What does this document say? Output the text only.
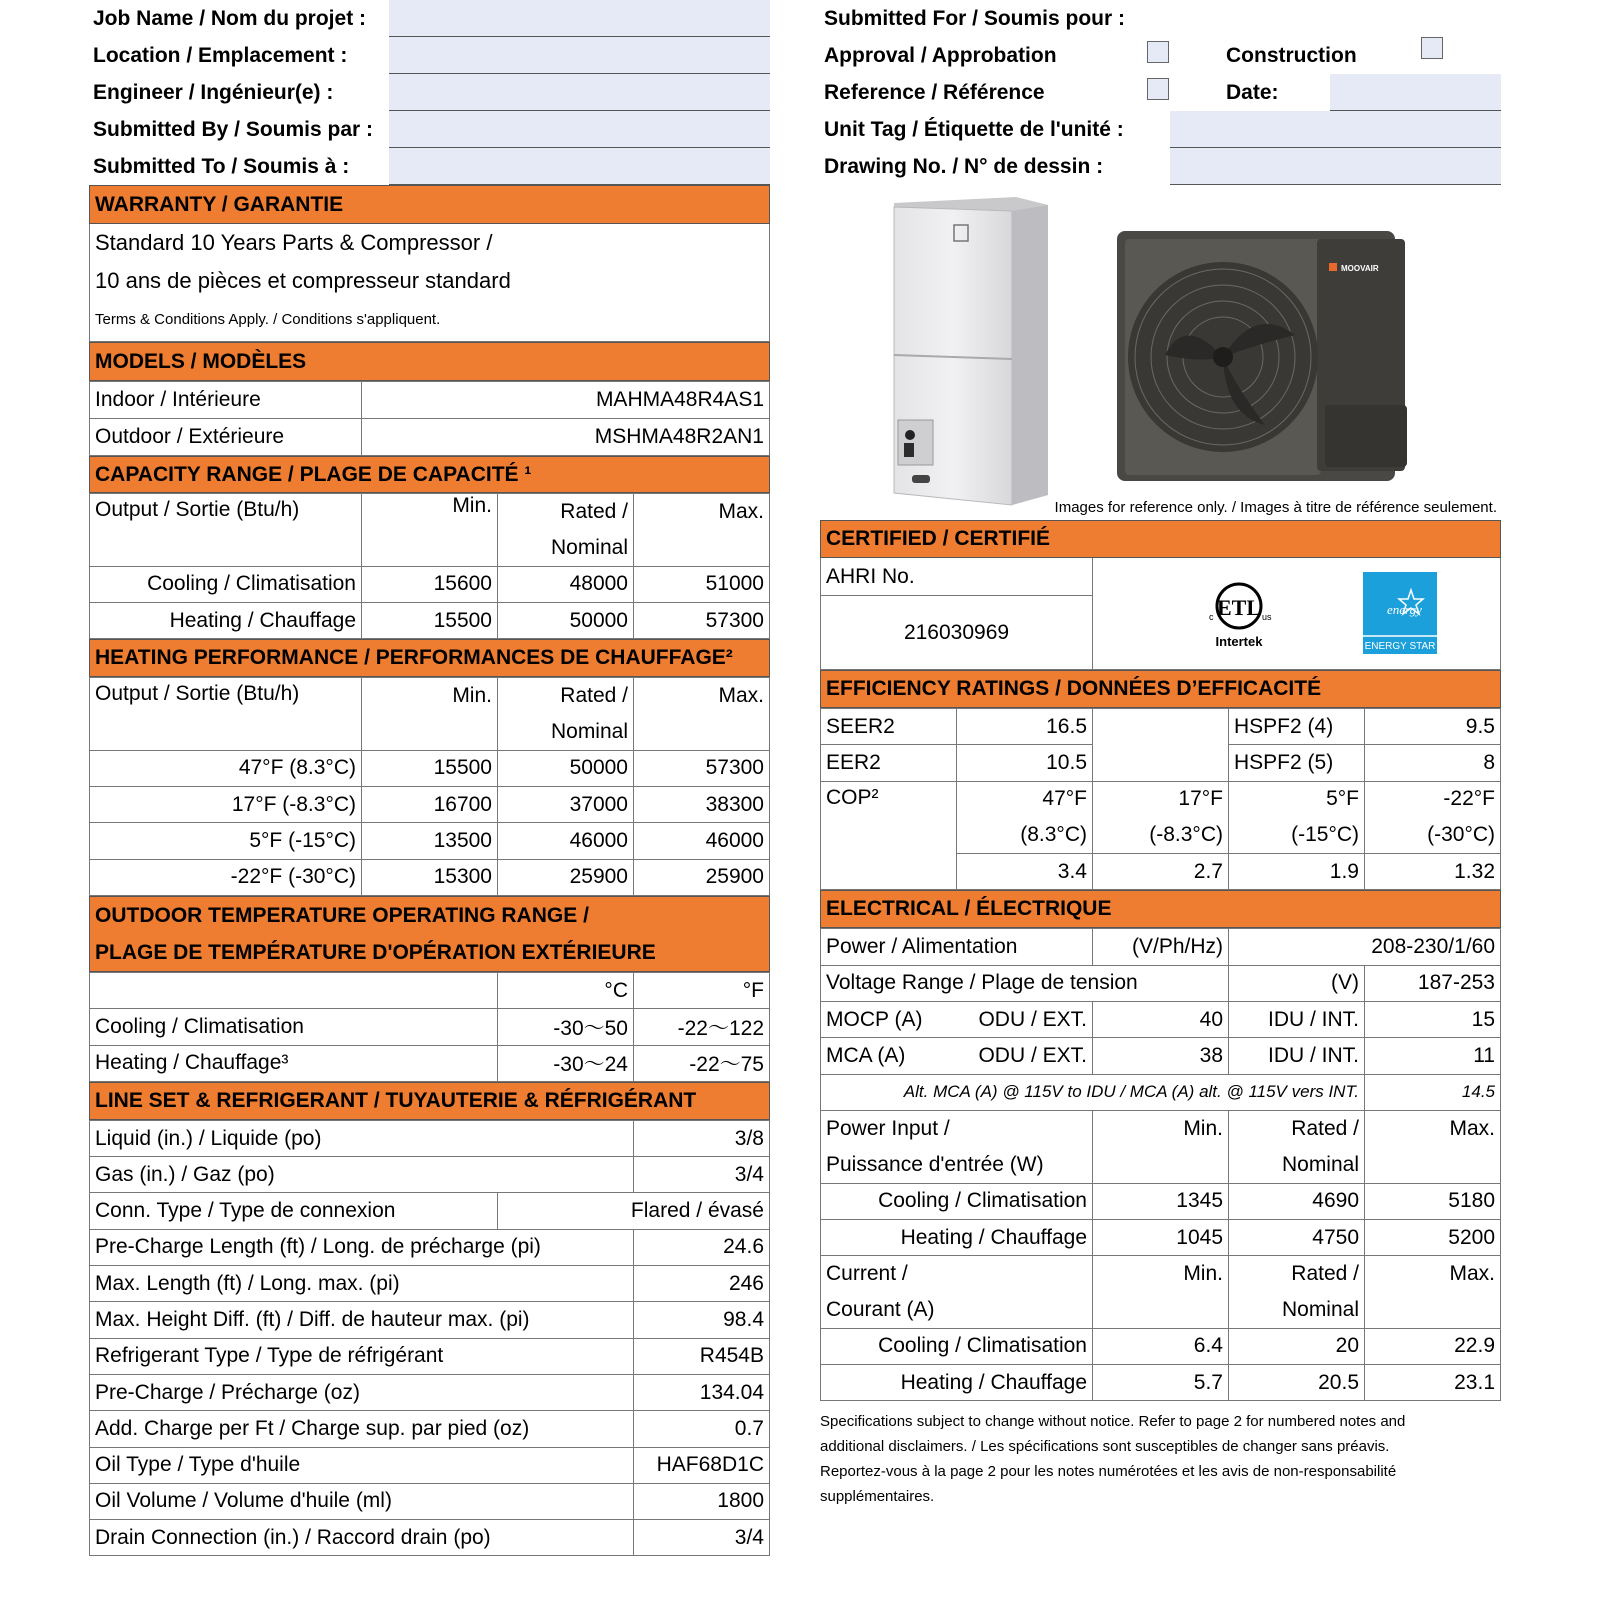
Job Name / Nom du projet :
Location / Emplacement :
Engineer / Ingénieur(e) :
Submitted By / Soumis par :
Submitted To / Soumis à :
WARRANTY / GARANTIE
Standard 10 Years Parts & Compressor /
10 ans de pièces et compresseur standard
Terms & Conditions Apply. / Conditions s'appliquent.
MODELS / MODÈLES
Indoor / Intérieure	MAHMA48R4AS1
Outdoor / Extérieure	MSHMA48R2AN1
CAPACITY RANGE / PLAGE DE CAPACITÉ ¹
Output / Sortie (Btu/h)	Min.	Rated /	Max.
		Nominal	
Cooling / Climatisation	15600	48000	51000
Heating / Chauffage	15500	50000	57300
HEATING PERFORMANCE / PERFORMANCES DE CHAUFFAGE²
Output / Sortie (Btu/h)	Min.	Rated /	Max.
		Nominal	
47°F (8.3°C)	15500	50000	57300
17°F (-8.3°C)	16700	37000	38300
5°F (-15°C)	13500	46000	46000
-22°F (-30°C)	15300	25900	25900
OUTDOOR TEMPERATURE OPERATING RANGE /
PLAGE DE TEMPÉRATURE D'OPÉRATION EXTÉRIEURE
	°C	°F
Cooling / Climatisation	-30〜50	-22〜122
Heating / Chauffage³	-30〜24	-22〜75
LINE SET & REFRIGERANT / TUYAUTERIE & RÉFRIGÉRANT
Liquid (in.) / Liquide (po)		3/8
Gas (in.) / Gaz (po)		3/4
Conn. Type / Type de connexion	Flared / évasé	
Pre-Charge Length (ft) / Long. de précharge (pi)		24.6
Max. Length (ft) / Long. max. (pi)		246
Max. Height Diff. (ft) / Diff. de hauteur max. (pi)		98.4
Refrigerant Type / Type de réfrigérant		R454B
Pre-Charge / Précharge (oz)		134.04
Add. Charge per Ft / Charge sup. par pied (oz)		0.7
Oil Type / Type d'huile		HAF68D1C
Oil Volume / Volume d'huile (ml)		1800
Drain Connection (in.) / Raccord drain (po)		3/4
Submitted For / Soumis pour :
Approval / Approbation	Construction
Reference / Référence	Date:
Unit Tag / Étiquette de l'unité :
Drawing No. / N° de dessin :
MOOVAIR
Images for reference only. / Images à titre de référence seulement.
CERTIFIED / CERTIFIÉ
AHRI No.
216030969
ETL
c	us
Intertek
energy
ENERGY STAR
EFFICIENCY RATINGS / DONNÉES D’EFFICACITÉ
SEER2	16.5		HSPF2 (4)	9.5
EER2	10.5		HSPF2 (5)	8
COP²	47°F	17°F	5°F	-22°F
	(8.3°C)	(-8.3°C)	(-15°C)	(-30°C)
	3.4	2.7	1.9	1.32
ELECTRICAL / ÉLECTRIQUE
Power / Alimentation	(V/Ph/Hz)	208-230/1/60	
Voltage Range / Plage de tension		(V)	187-253
MOCP (A) ODU / EXT.	40	IDU / INT.	15
MCA (A) ODU / EXT.	38	IDU / INT.	11
Alt. MCA (A) @ 115V to IDU / MCA (A) alt. @ 115V vers INT.			14.5
Power Input /	Min.	Rated /	Max.
Puissance d'entrée (W)		Nominal	
Cooling / Climatisation	1345	4690	5180
Heating / Chauffage	1045	4750	5200
Current /	Min.	Rated /	Max.
Courant (A)		Nominal	
Cooling / Climatisation	6.4	20	22.9
Heating / Chauffage	5.7	20.5	23.1
Specifications subject to change without notice. Refer to page 2 for numbered notes and
additional disclaimers. / Les spécifications sont susceptibles de changer sans préavis.
Reportez-vous à la page 2 pour les notes numérotées et les avis de non-responsabilité
supplémentaires.
